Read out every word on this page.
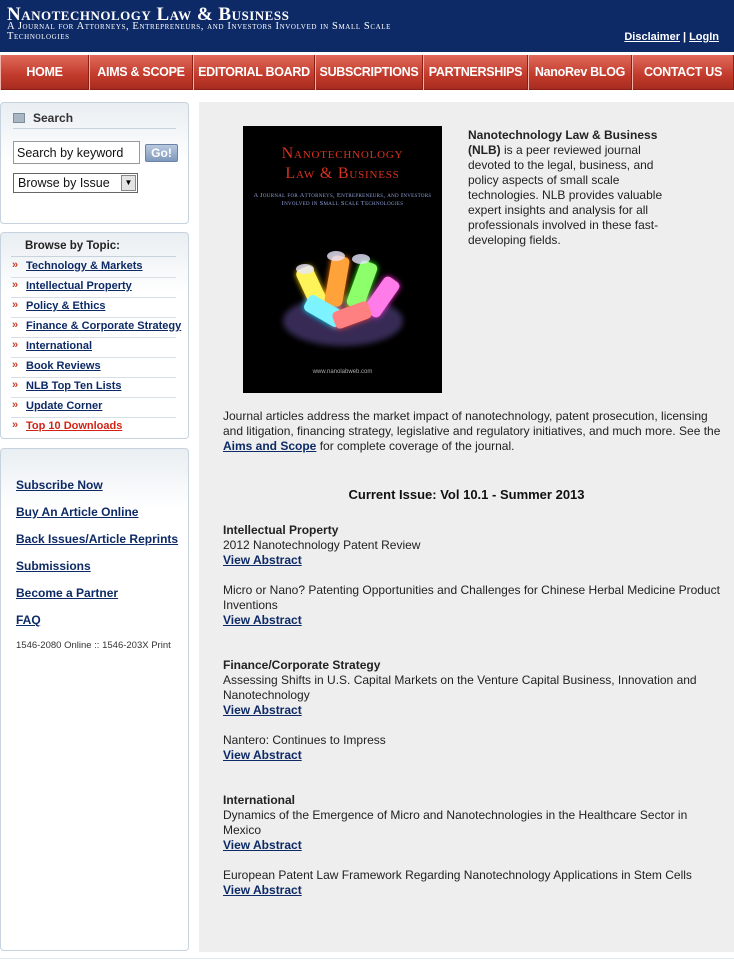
Nanotechnology Law & Business
A Journal for Attorneys, Entrepreneurs, and Investors Involved in Small Scale Technologies	Disclaimer | LogIn
HOME	AIMS & SCOPE	EDITORIAL BOARD SUBSCRIPTIONS PARTNERSHIPS	NanoRev BLOG	CONTACT US
Search
Search by keyword
Go!
Browse by Issue	▼
Browse by Topic:
» Technology & Markets
» Intellectual Property
» Policy & Ethics
» Finance & Corporate Strategy
» International
» Book Reviews
» NLB Top Ten Lists
» Update Corner
» Top 10 Downloads
Subscribe Now
Buy An Article Online
Back Issues/Article Reprints
Submissions
Become a Partner
FAQ
1546-2080 Online :: 1546-203X Print
Nanotechnology
Law & Business
A Journal for Attorneys, Entrepreneurs, and Investors Involved in Small Scale Technologies
www.nanolabweb.com
Nanotechnology Law & Business (NLB) is a peer reviewed journal devoted to the legal, business, and policy aspects of small scale technologies. NLB provides valuable expert insights and analysis for all professionals involved in these fast-developing fields.
Journal articles address the market impact of nanotechnology, patent prosecution, licensing and litigation, financing strategy, legislative and regulatory initiatives, and much more. See the Aims and Scope for complete coverage of the journal.
Current Issue: Vol 10.1 - Summer 2013
Intellectual Property
2012 Nanotechnology Patent Review
View Abstract
Micro or Nano? Patenting Opportunities and Challenges for Chinese Herbal Medicine Product Inventions
View Abstract
Finance/Corporate Strategy
Assessing Shifts in U.S. Capital Markets on the Venture Capital Business, Innovation and Nanotechnology
View Abstract
Nantero: Continues to Impress
View Abstract
International
Dynamics of the Emergence of Micro and Nanotechnologies in the Healthcare Sector in Mexico
View Abstract
European Patent Law Framework Regarding Nanotechnology Applications in Stem Cells
View Abstract
